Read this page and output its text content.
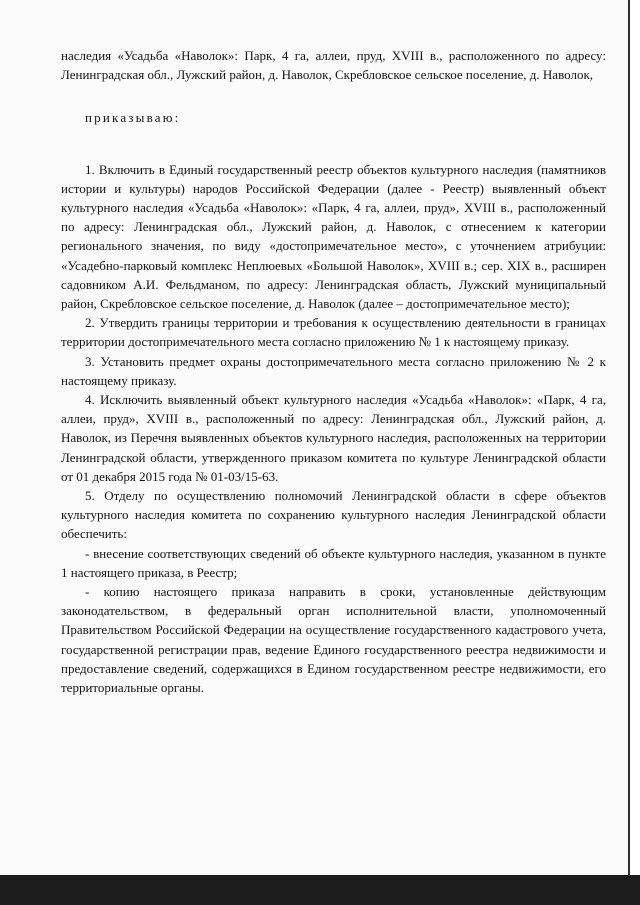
наследия «Усадьба «Наволок»: Парк, 4 га, аллеи, пруд, XVIII в., расположенного по адресу: Ленинградская обл., Лужский район, д. Наволок, Скребловское сельское поселение, д. Наволок,

приказываю:

1. Включить в Единый государственный реестр объектов культурного наследия (памятников истории и культуры) народов Российской Федерации (далее - Реестр) выявленный объект культурного наследия «Усадьба «Наволок»: «Парк, 4 га, аллеи, пруд», XVIII в., расположенный по адресу: Ленинградская обл., Лужский район, д. Наволок, с отнесением к категории регионального значения, по виду «достопримечательное место», с уточнением атрибуции: «Усадебно-парковый комплекс Неплюевых «Большой Наволок», XVIII в.; сер. XIX в., расширен садовником А.И. Фельдманом, по адресу: Ленинградская область, Лужский муниципальный район, Скребловское сельское поселение, д. Наволок (далее – достопримечательное место);

2. Утвердить границы территории и требования к осуществлению деятельности в границах территории достопримечательного места согласно приложению № 1 к настоящему приказу.

3. Установить предмет охраны достопримечательного места согласно приложению № 2 к настоящему приказу.

4. Исключить выявленный объект культурного наследия «Усадьба «Наволок»: «Парк, 4 га, аллеи, пруд», XVIII в., расположенный по адресу: Ленинградская обл., Лужский район, д. Наволок, из Перечня выявленных объектов культурного наследия, расположенных на территории Ленинградской области, утвержденного приказом комитета по культуре Ленинградской области от 01 декабря 2015 года № 01-03/15-63.

5. Отделу по осуществлению полномочий Ленинградской области в сфере объектов культурного наследия комитета по сохранению культурного наследия Ленинградской области обеспечить:

- внесение соответствующих сведений об объекте культурного наследия, указанном в пункте 1 настоящего приказа, в Реестр;

- копию настоящего приказа направить в сроки, установленные действующим законодательством, в федеральный орган исполнительной власти, уполномоченный Правительством Российской Федерации на осуществление государственного кадастрового учета, государственной регистрации прав, ведение Единого государственного реестра недвижимости и предоставление сведений, содержащихся в Едином государственном реестре недвижимости, его территориальные органы.
